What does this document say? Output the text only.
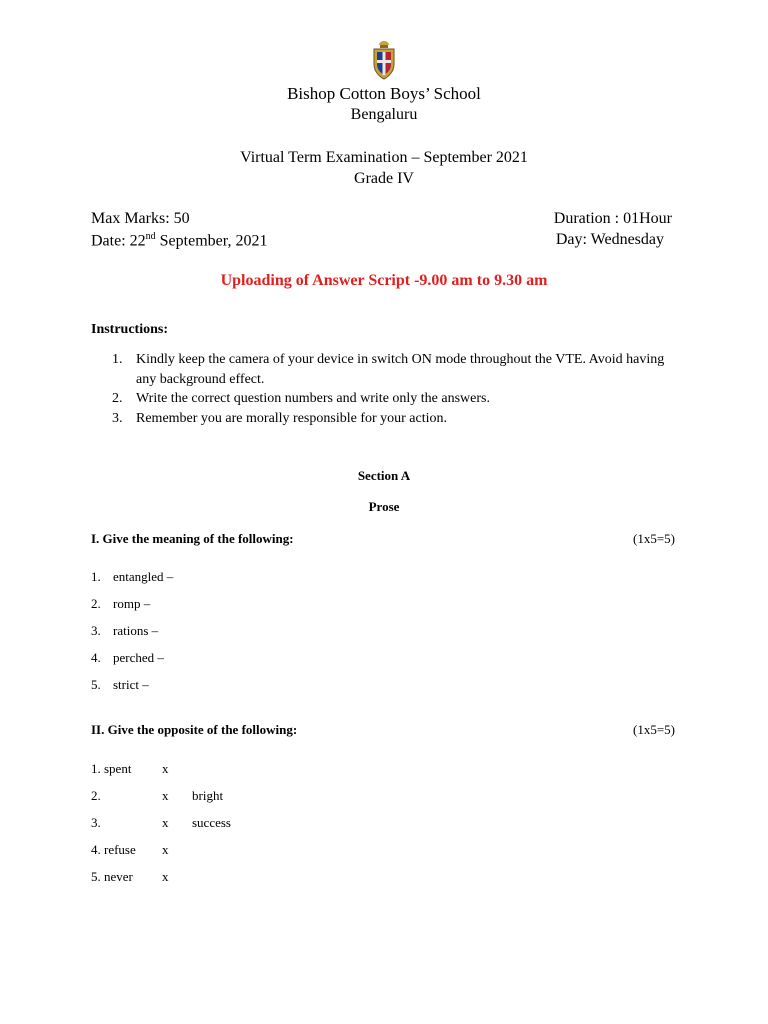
Bishop Cotton Boys’ School
Bengaluru
Virtual Term Examination – September 2021
Grade IV
Max Marks: 50	Duration : 01Hour
Date: 22nd September, 2021	Day: Wednesday
Uploading of Answer Script -9.00 am to 9.30 am
Instructions:
1. Kindly keep the camera of your device in switch ON mode throughout the VTE. Avoid having any background effect.
2. Write the correct question numbers and write only the answers.
3. Remember you are morally responsible for your action.
Section A
Prose
I. Give the meaning of the following:	(1x5=5)
1. entangled –
2. romp –
3. rations –
4. perched –
5. strict –
II. Give the opposite of the following:	(1x5=5)
1. spent x
2.	x bright
3.	x success
4. refuse x
5. never x
